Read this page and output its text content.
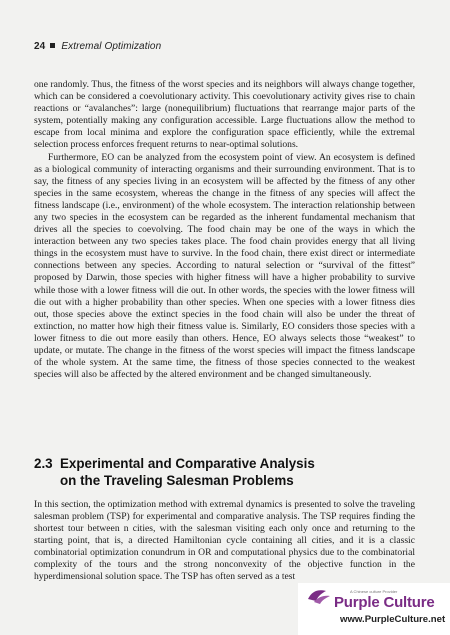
24 Extremal Optimization

one randomly. Thus, the fitness of the worst species and its neighbors will always change together, which can be considered a coevolutionary activity. This coevolutionary activity gives rise to chain reactions or “avalanches”: large (nonequilibrium) fluctuations that rearrange major parts of the system, potentially making any configuration accessible. Large fluctuations allow the method to escape from local minima and explore the configuration space efficiently, while the extremal selection process enforces frequent returns to near-optimal solutions.

Furthermore, EO can be analyzed from the ecosystem point of view. An ecosystem is defined as a biological community of interacting organisms and their surrounding environment. That is to say, the fitness of any species living in an ecosystem will be affected by the fitness of any other species in the same ecosystem, whereas the change in the fitness of any species will affect the fitness landscape (i.e., environment) of the whole ecosystem. The interaction relationship between any two species in the ecosystem can be regarded as the inherent fundamental mechanism that drives all the species to coevolving. The food chain may be one of the ways in which the interaction between any two species takes place. The food chain provides energy that all living things in the ecosystem must have to survive. In the food chain, there exist direct or intermediate connections between any species. According to natural selection or “survival of the fittest” proposed by Darwin, those species with higher fitness will have a higher probability to survive while those with a lower fitness will die out. In other words, the species with the lower fitness will die out with a higher probability than other species. When one species with a lower fitness dies out, those species above the extinct species in the food chain will also be under the threat of extinction, no matter how high their fitness value is. Similarly, EO considers those species with a lower fitness to die out more easily than others. Hence, EO always selects those “weakest” to update, or mutate. The change in the fitness of the worst species will impact the fitness landscape of the whole system. At the same time, the fitness of those species connected to the weakest species will also be affected by the altered environment and be changed simultaneously.

2.3 Experimental and Comparative Analysis
on the Traveling Salesman Problems

In this section, the optimization method with extremal dynamics is presented to solve the traveling salesman problem (TSP) for experimental and comparative analysis. The TSP requires finding the shortest tour between n cities, with the salesman visiting each only once and returning to the starting point, that is, a directed Hamiltonian cycle containing all cities, and it is a classic combinatorial optimization conundrum in OR and computational physics due to the combinatorial complexity of the tours and the strong nonconvexity of the objective function in the hyperdimensional solution space. The TSP has often served as a test

A Chinese culture Provider
Purple Culture
www.PurpleCulture.net
